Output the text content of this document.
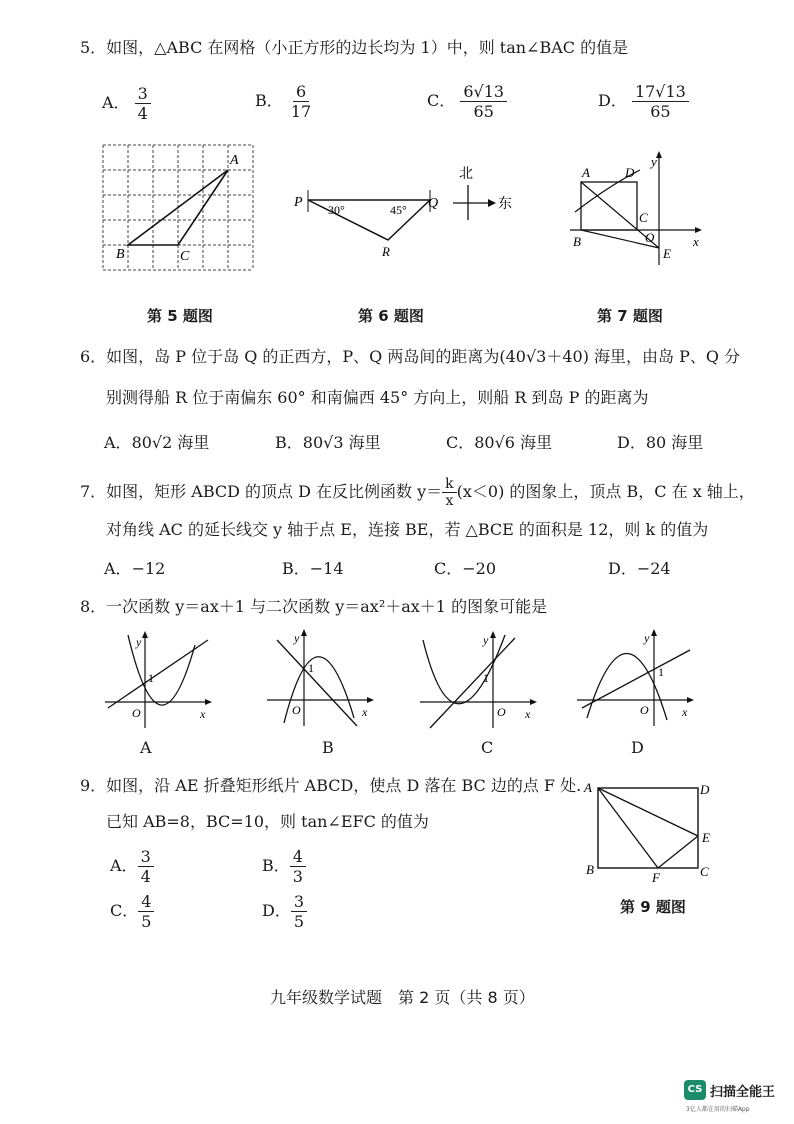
5．如图，△ABC 在网格（小正方形的边长均为 1）中，则 tan∠BAC 的值是
A． $\frac{3}{4}$	B． $\frac{6}{17}$	C． $\frac{6√13}{65}$	D． $\frac{17√13}{65}$
A
B	C
第 5 题图
P	Q
R
30°	45°
北
东
第 6 题图
A	D
C
B	O
E
x
y
第 7 题图
6．如图，岛 P 位于岛 Q 的正西方，P、Q 两岛间的距离为(40√3＋40) 海里，由岛 P、Q 分
别测得船 R 位于南偏东 60° 和南偏西 45° 方向上，则船 R 到岛 P 的距离为
A．80√2 海里	B．80√3 海里	C．80√6 海里	D．80 海里
7．如图，矩形 ABCD 的顶点 D 在反比例函数 $y= \frac{k}{x} (x<0)$ 的图象上，顶点 B，C 在 x 轴上，
对角线 AC 的延长线交 y 轴于点 E，连接 BE，若 △BCE 的面积是 12，则 k 的值为
A．−12	B．−14	C．−20	D．−24
8．一次函数 y＝ax＋1 与二次函数 y＝ax²＋ax＋1 的图象可能是
y
x
O
1
A
y
x
O
1
B
y
x
O
1
C
y
x
O
1
D
9．如图，沿 AE 折叠矩形纸片 ABCD，使点 D 落在 BC 边的点 F 处.
已知 AB=8，BC=10，则 tan∠EFC 的值为
A． $\frac{3}{4}$	B． $\frac{4}{3}$
C． $\frac{4}{5}$	D． $\frac{3}{5}$
A	D
E
B
F	C
第 9 题图
九年级数学试题　第 2 页（共 8 页）
CS 扫描全能王
3亿人都在用的扫描App
